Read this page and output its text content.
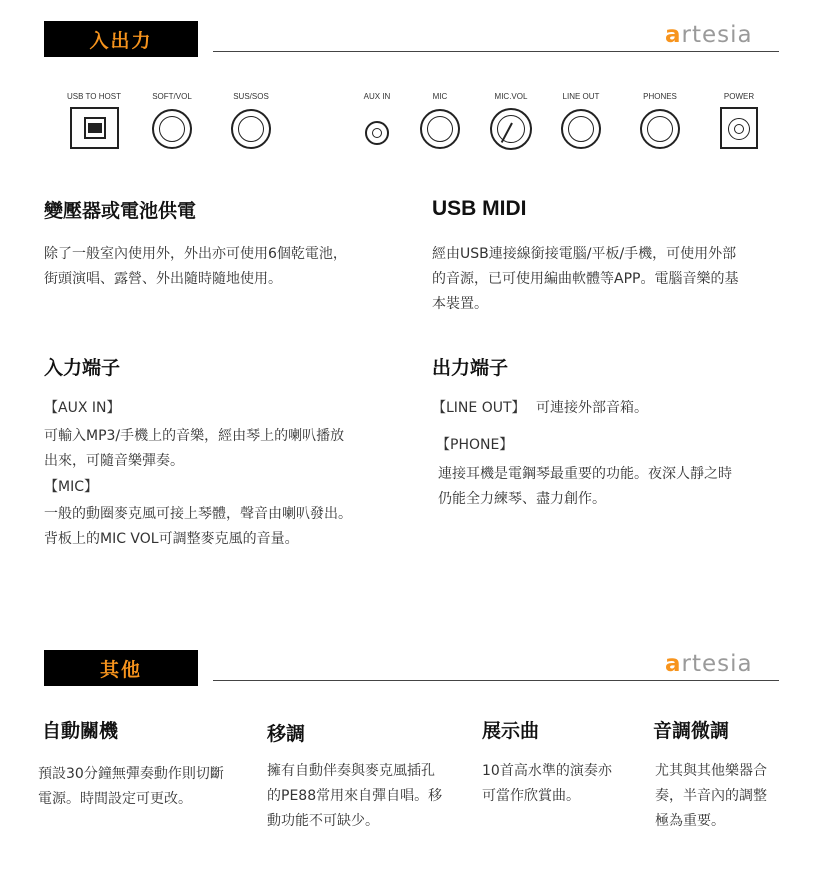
入出力	artesia
USB TO HOST	SOFT/VOL	SUS/SOS	AUX IN	MIC	MIC.VOL	LINE OUT	PHONES	POWER
變壓器或電池供電
除了一般室內使用外，外出亦可使用6個乾電池，
街頭演唱、露營、外出隨時隨地使用。
USB MIDI
經由USB連接線銜接電腦/平板/手機，可使用外部
的音源，已可使用編曲軟體等APP。電腦音樂的基
本裝置。
入力端子
【AUX IN】
可輸入MP3/手機上的音樂，經由琴上的喇叭播放
出來，可隨音樂彈奏。
【MIC】
一般的動圈麥克風可接上琴體，聲音由喇叭發出。
背板上的MIC VOL可調整麥克風的音量。
出力端子
【LINE OUT】 可連接外部音箱。
【PHONE】
連接耳機是電鋼琴最重要的功能。夜深人靜之時
仍能全力練琴、盡力創作。
其他	artesia
自動關機
預設30分鐘無彈奏動作則切斷
電源。時間設定可更改。
移調
擁有自動伴奏與麥克風插孔
的PE88常用來自彈自唱。移
動功能不可缺少。
展示曲
10首高水準的演奏亦
可當作欣賞曲。
音調微調
尤其與其他樂器合
奏，半音內的調整
極為重要。
